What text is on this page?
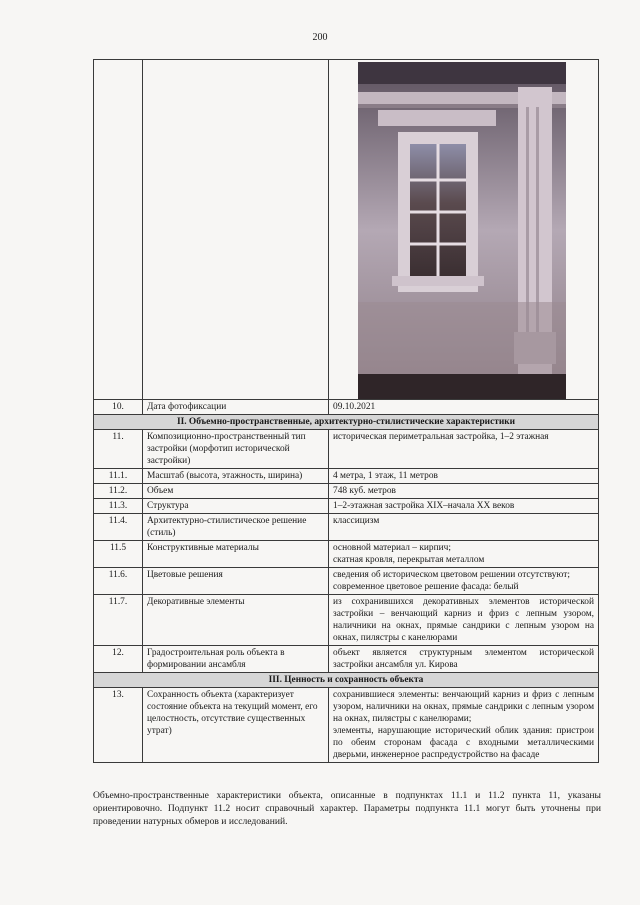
200

10.	Дата фотофиксации	09.10.2021
II. Объемно-пространственные, архитектурно-стилистические характеристики		
11.	Композиционно-пространственный тип застройки (морфотип исторической застройки)	историческая периметральная застройка, 1–2 этажная
11.1.	Масштаб (высота, этажность, ширина)	4 метра, 1 этаж, 11 метров
11.2.	Объем	748 куб. метров
11.3.	Структура	1–2-этажная застройка XIX–начала XX веков
11.4.	Архитектурно-стилистическое решение (стиль)	классицизм
11.5	Конструктивные материалы	основной материал – кирпич;
скатная кровля, перекрытая металлом

11.6.	Цветовые решения	сведения об историческом цветовом решении отсутствуют;
современное цветовое решение фасада: белый

11.7.	Декоративные элементы	из сохранившихся декоративных элементов исторической застройки – венчающий карниз и фриз с лепным узором, наличники на окнах, прямые сандрики с лепным узором на окнах, пилястры с канелюрами
12.	Градостроительная роль объекта в формировании ансамбля	объект является структурным элементом исторической застройки ансамбля ул. Кирова
III. Ценность и сохранность объекта		
13.	Сохранность объекта (характеризует состояние объекта на текущий момент, его целостность, отсутствие существенных утрат)	сохранившиеся элементы: венчающий карниз и фриз с лепным узором, наличники на окнах, прямые сандрики с лепным узором на окнах, пилястры с канелюрами;
элементы, нарушающие исторический облик здания: пристрои по обеим сторонам фасада с входными металлическими дверьми, инженерное распредустройство на фасаде

Объемно-пространственные характеристики объекта, описанные в подпунктах 11.1 и 11.2 пункта 11, указаны ориентировочно. Подпункт 11.2 носит справочный характер. Параметры подпункта 11.1 могут быть уточнены при проведении натурных обмеров и исследований.
